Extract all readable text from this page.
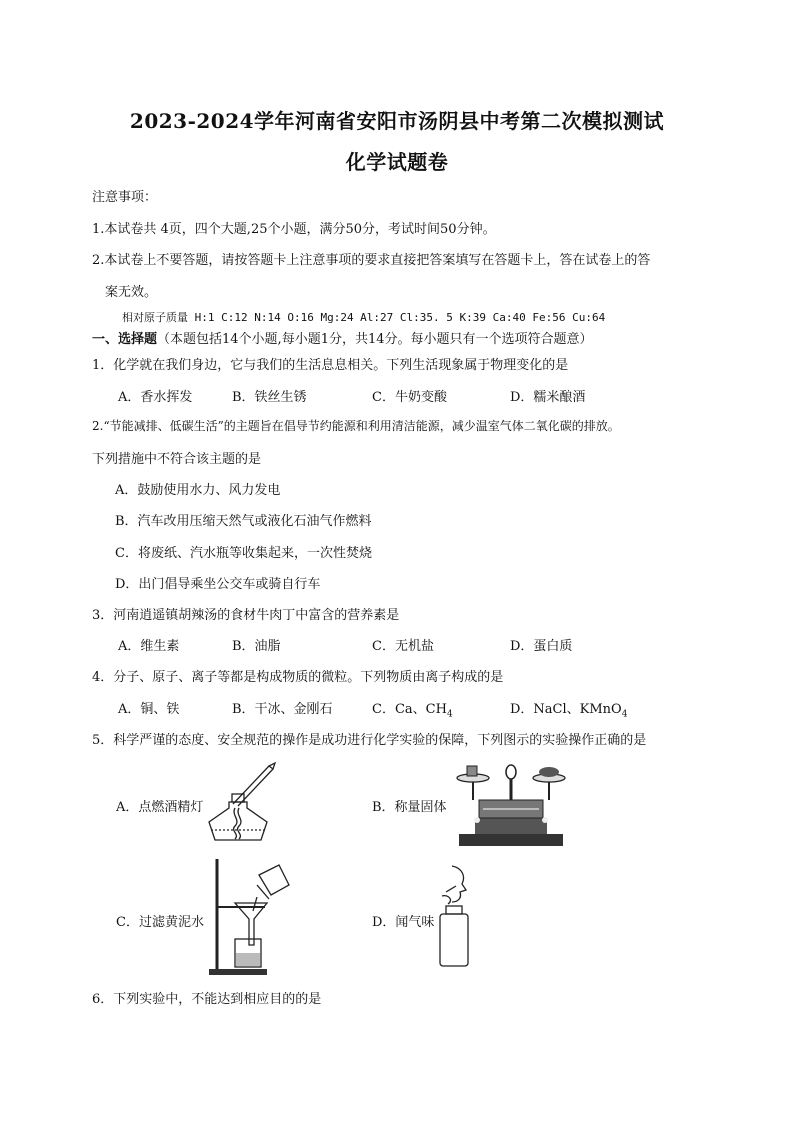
2023-2024学年河南省安阳市汤阴县中考第二次模拟测试
化学试题卷
注意事项：
1.本试卷共 4页，四个大题,25个小题，满分50分，考试时间50分钟。
2.本试卷上不要答题，请按答题卡上注意事项的要求直接把答案填写在答题卡上，答在试卷上的答
案无效。
相对原子质量 H:1 C:12 N:14 O:16 Mg:24 Al:27 Cl:35. 5 K:39 Ca:40 Fe:56 Cu:64
一、选择题（本题包括14个小题,每小题1分，共14分。每小题只有一个选项符合题意）
1．化学就在我们身边，它与我们的生活息息相关。下列生活现象属于物理变化的是
A．香水挥发	B．铁丝生锈	C．牛奶变酸	D．糯米酿酒
2.“节能减排、低碳生活”的主题旨在倡导节约能源和利用清洁能源，减少温室气体二氧化碳的排放。
下列措施中不符合该主题的是
A．鼓励使用水力、风力发电
B．汽车改用压缩天然气或液化石油气作燃料
C．将废纸、汽水瓶等收集起来，一次性焚烧
D．出门倡导乘坐公交车或骑自行车
3．河南逍遥镇胡辣汤的食材牛肉丁中富含的营养素是
A．维生素	B．油脂	C．无机盐	D．蛋白质
4．分子、原子、离子等都是构成物质的微粒。下列物质由离子构成的是
A．铜、铁	B．干冰、金刚石	C．Ca、$CH_4$	D．NaCl、KMnO$_4$
5．科学严谨的态度、安全规范的操作是成功进行化学实验的保障，下列图示的实验操作正确的是
A．点燃酒精灯	B．称量固体
C．过滤黄泥水	D．闻气味
6．下列实验中，不能达到相应目的的是
